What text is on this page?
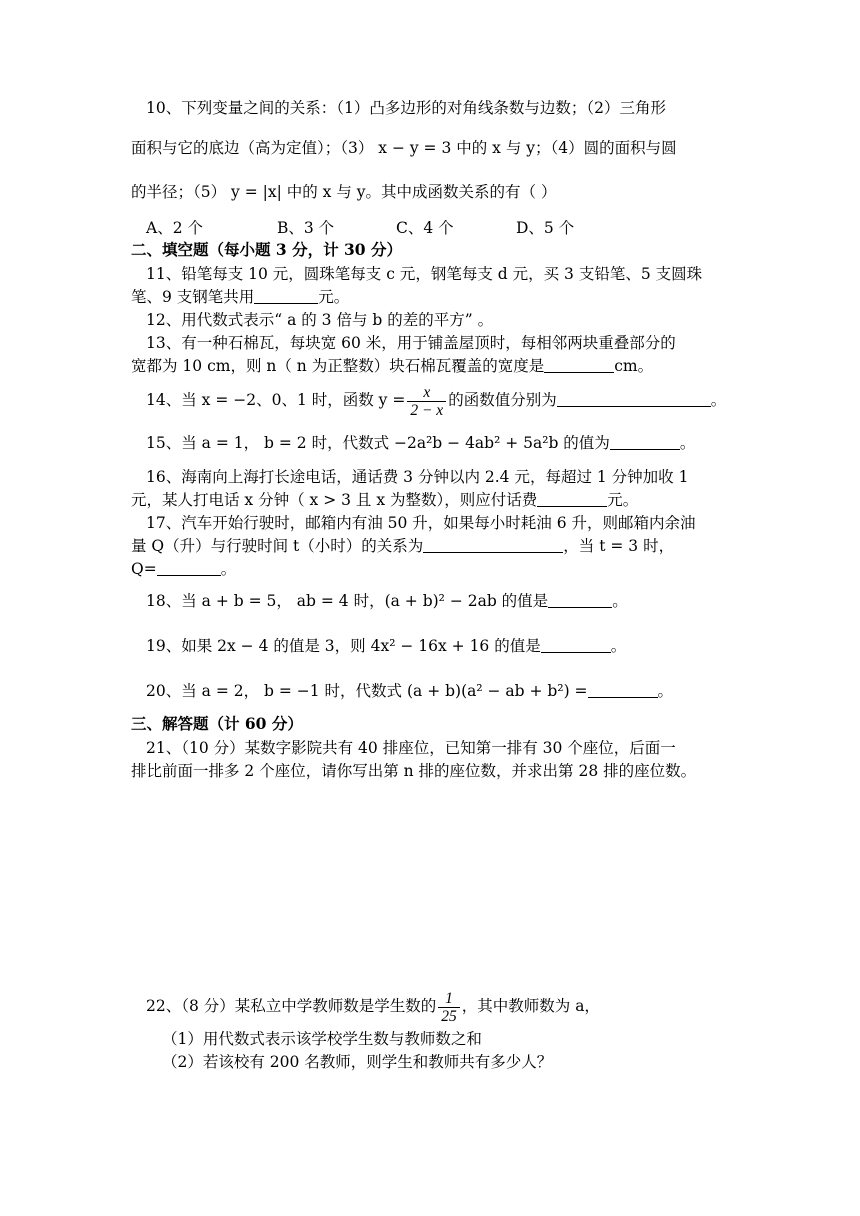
10、下列变量之间的关系：（1）凸多边形的对角线条数与边数；（2）三角形
面积与它的底边（高为定值）；（3） x − y = 3 中的 x 与 y；（4）圆的面积与圆
的半径；（5） y = |x| 中的 x 与 y。其中成函数关系的有（ ）
A、2 个	B、3 个	C、4 个	D、5 个
二、填空题（每小题 3 分，计 30 分）
11、铅笔每支 10 元，圆珠笔每支 c 元，钢笔每支 d 元，买 3 支铅笔、5 支圆珠
笔、9 支钢笔共用	元。
12、用代数式表示“ a 的 3 倍与 b 的差的平方” 。
13、有一种石棉瓦，每块宽 60 米，用于铺盖屋顶时，每相邻两块重叠部分的
宽都为 10 cm，则 n（ n 为正整数）块石棉瓦覆盖的宽度是	cm。
14、当 x = −2、0、1 时，函数 $y = \frac{x}{2 - x}$ 的函数值分别为	。
15、当 a = 1， b = 2 时，代数式 −2a²b − 4ab² + 5a²b 的值为	。
16、海南向上海打长途电话，通话费 3 分钟以内 2.4 元，每超过 1 分钟加收 1
元，某人打电话 x 分钟（ x > 3 且 x 为整数），则应付话费	元。
17、汽车开始行驶时，邮箱内有油 50 升，如果每小时耗油 6 升，则邮箱内余油
量 Q（升）与行驶时间 t（小时）的关系为	，当 t = 3 时，
Q=	。
18、当 a + b = 5， ab = 4 时，(a + b)² − 2ab 的值是	。
19、如果 2x − 4 的值是 3，则 4x² − 16x + 16 的值是	。
20、当 a = 2， b = −1 时，代数式 (a + b)(a² − ab + b²) =	。
三、解答题（计 60 分）
21、（10 分）某数字影院共有 40 排座位，已知第一排有 30 个座位，后面一
排比前面一排多 2 个座位，请你写出第 n 排的座位数，并求出第 28 排的座位数。
22、（8 分）某私立中学教师数是学生数的 $\frac{1}{25}$ ，其中教师数为 a，
（1）用代数式表示该学校学生数与教师数之和
（2）若该校有 200 名教师，则学生和教师共有多少人？
